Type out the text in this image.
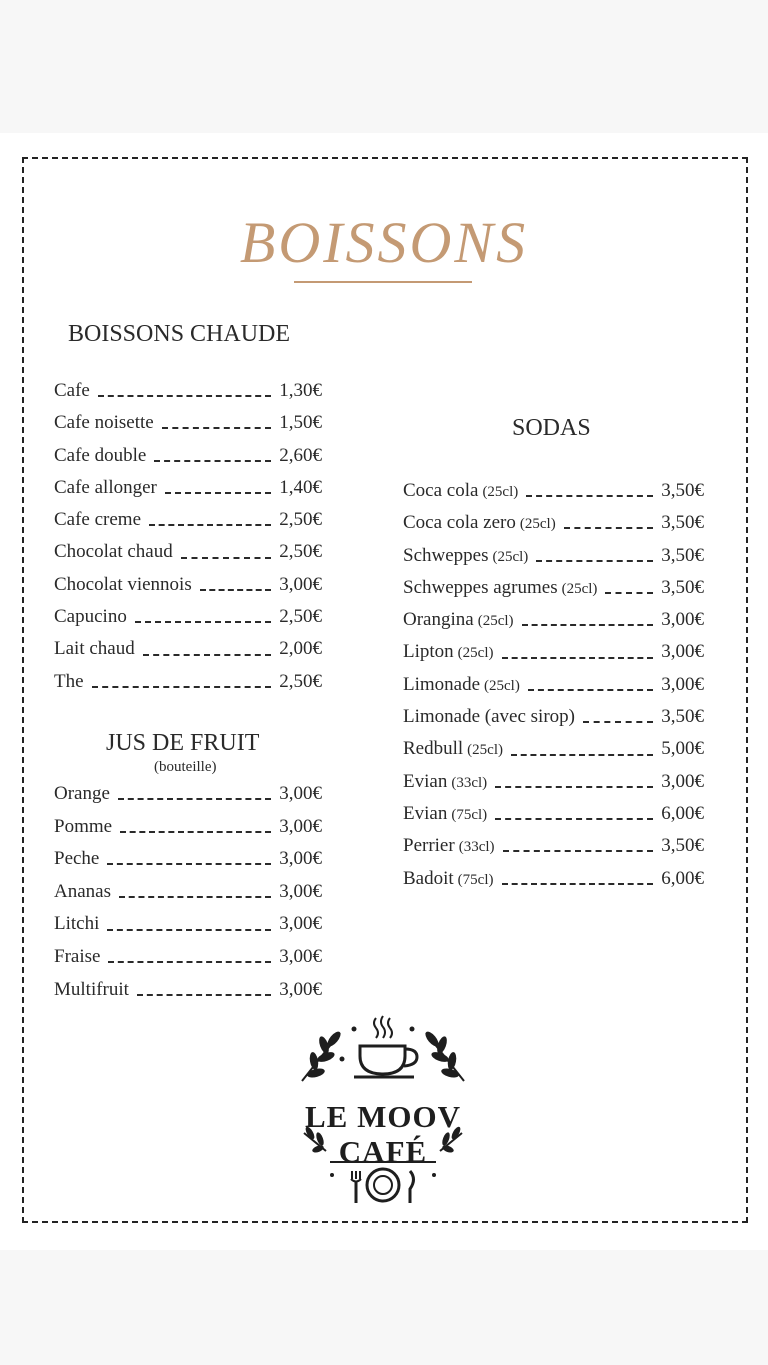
BOISSONS
BOISSONS CHAUDE
Cafe	1,30€
Cafe noisette	1,50€
Cafe double	2,60€
Cafe allonger	1,40€
Cafe creme	2,50€
Chocolat chaud	2,50€
Chocolat viennois	3,00€
Capucino	2,50€
Lait chaud	2,00€
The	2,50€
JUS DE FRUIT
(bouteille)
Orange	3,00€
Pomme	3,00€
Peche	3,00€
Ananas	3,00€
Litchi	3,00€
Fraise	3,00€
Multifruit	3,00€
SODAS
Coca cola (25cl)	3,50€
Coca cola zero (25cl)	3,50€
Schweppes (25cl)	3,50€
Schweppes agrumes (25cl)	3,50€
Orangina (25cl)	3,00€
Lipton (25cl)	3,00€
Limonade (25cl)	3,00€
Limonade (avec sirop)	3,50€
Redbull (25cl)	5,00€
Evian (33cl)	3,00€
Evian (75cl)	6,00€
Perrier (33cl)	3,50€
Badoit (75cl)	6,00€
LE MOOV
CAFÉ
